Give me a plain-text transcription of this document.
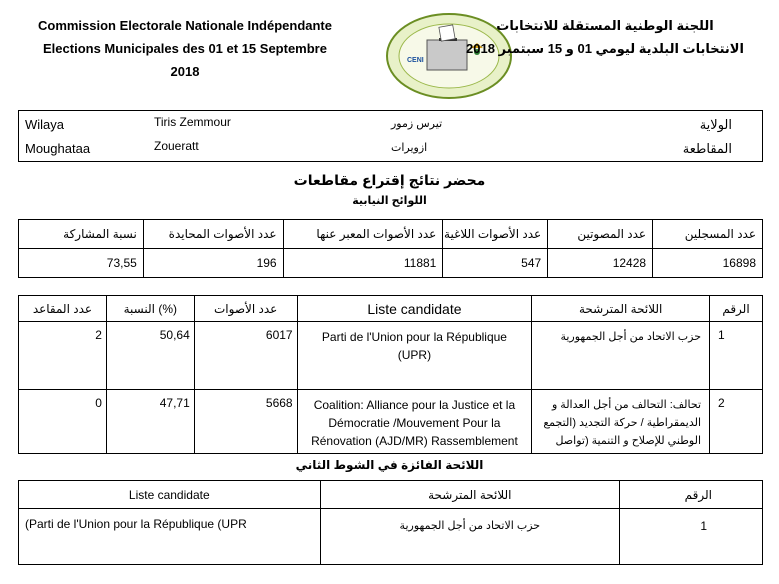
Commission Electorale Nationale Indépendante
Elections Municipales des 01 et 15 Septembre
2018
CENI
اللجنة الوطنية المستقلة للانتخابات
الانتخابات البلدية ليومي 01 و 15 سبتمبر 2018
Wilaya	Tiris Zemmour	تيرس زمور	الولاية
Moughataa	Zoueratt	ازويرات	المقاطعة
محضر نتائج إقتراع مقاطعات
اللوائح النيابية
نسبة المشاركة	عدد الأصوات المحايدة	عدد الأصوات المعبر عنها	عدد الأصوات اللاغية	عدد المصوتين	عدد المسجلين
73,55	196	11881	547	12428	16898
عدد المقاعد	النسبة (%)	عدد الأصوات	Liste candidate	اللائحة المترشحة	الرقم
2	50,64	6017	Parti de l'Union pour la République (UPR)	حزب الاتحاد من أجل الجمهورية	1
0	47,71	5668	Coalition: Alliance pour la Justice et la Démocratie /Mouvement Pour la Rénovation (AJD/MR) Rassemblement	تحالف: التحالف من أجل العدالة و الديمقراطية / حركة التجديد (التجمع الوطني للإصلاح و التنمية (تواصل	2
اللائحة الفائزة في الشوط الثاني
Liste candidate	اللائحة المترشحة	الرقم
(Parti de l'Union pour la République (UPR	حزب الاتحاد من أجل الجمهورية	1
